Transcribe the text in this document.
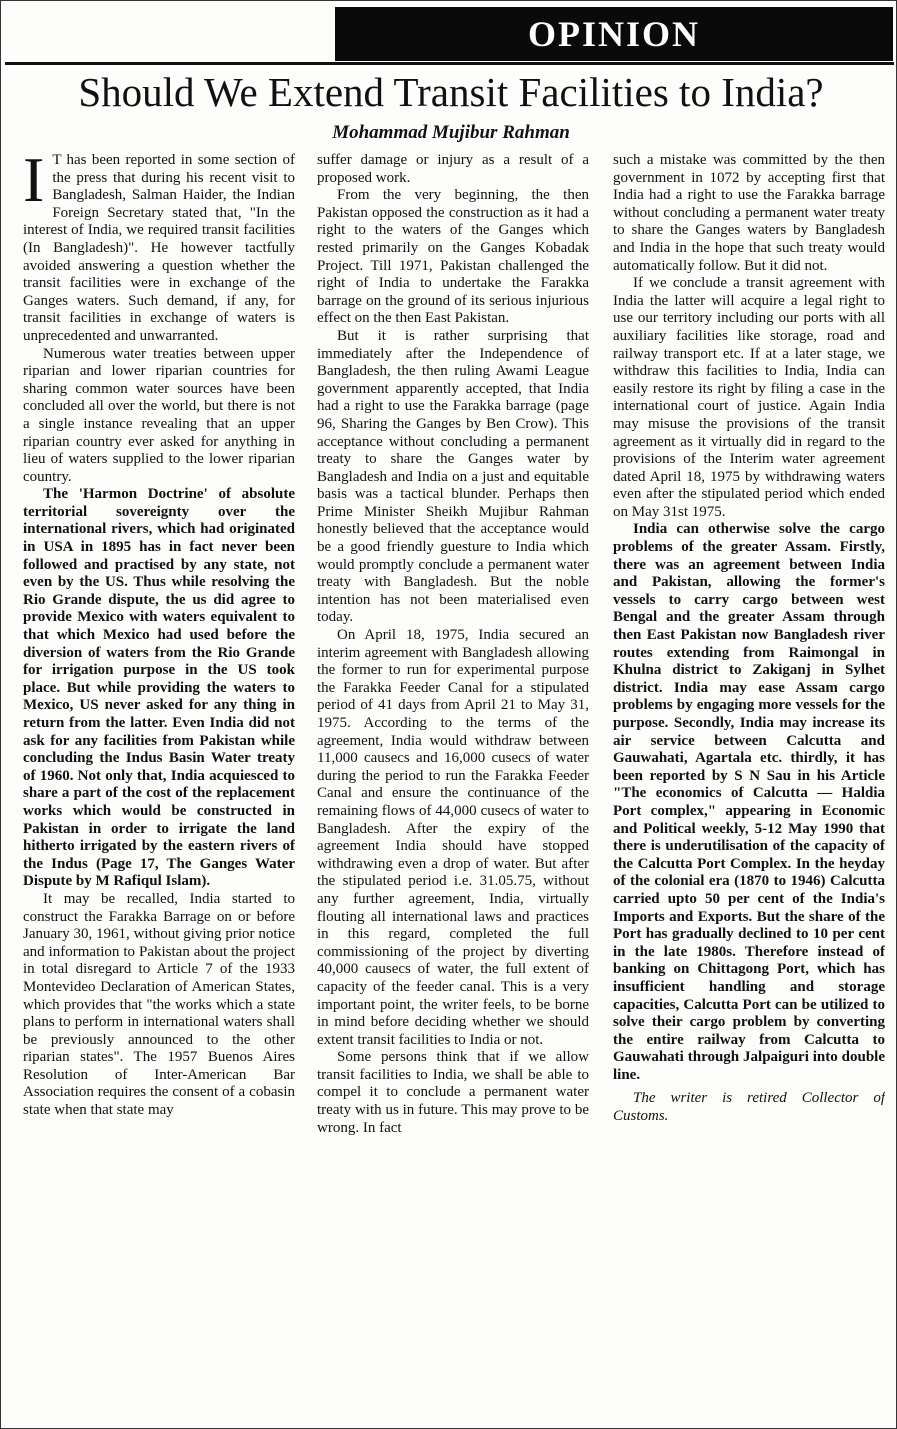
OPINION
Should We Extend Transit Facilities to India?
Mohammad Mujibur Rahman

I T has been reported in some section of the press that during his recent visit to Bangladesh, Salman Haider, the Indian Foreign Secretary stated that, "In the interest of India, we required transit facilities (In Bangladesh)". He however tactfully avoided answering a question whether the transit facilities were in exchange of the Ganges waters. Such demand, if any, for transit facilities in exchange of waters is unprecedented and unwarranted.

Numerous water treaties between upper riparian and lower riparian countries for sharing common water sources have been concluded all over the world, but there is not a single instance revealing that an upper riparian country ever asked for anything in lieu of waters supplied to the lower riparian country.

The 'Harmon Doctrine' of absolute territorial sovereignty over the international rivers, which had originated in USA in 1895 has in fact never been followed and practised by any state, not even by the US. Thus while resolving the Rio Grande dispute, the us did agree to provide Mexico with waters equivalent to that which Mexico had used before the diversion of waters from the Rio Grande for irrigation purpose in the US took place. But while providing the waters to Mexico, US never asked for any thing in return from the latter. Even India did not ask for any facilities from Pakistan while concluding the Indus Basin Water treaty of 1960. Not only that, India acquiesced to share a part of the cost of the replacement works which would be constructed in Pakistan in order to irrigate the land hitherto irrigated by the eastern rivers of the Indus (Page 17, The Ganges Water Dispute by M Rafiqul Islam).

It may be recalled, India started to construct the Farakka Barrage on or before January 30, 1961, without giving prior notice and information to Pakistan about the project in total disregard to Article 7 of the 1933 Montevideo Declaration of American States, which provides that "the works which a state plans to perform in international waters shall be previously announced to the other riparian states". The 1957 Buenos Aires Resolution of Inter-American Bar Association requires the consent of a cobasin state when that state may

suffer damage or injury as a result of a proposed work.

From the very beginning, the then Pakistan opposed the construction as it had a right to the waters of the Ganges which rested primarily on the Ganges Kobadak Project. Till 1971, Pakistan challenged the right of India to undertake the Farakka barrage on the ground of its serious injurious effect on the then East Pakistan.

But it is rather surprising that immediately after the Independence of Bangladesh, the then ruling Awami League government apparently accepted, that India had a right to use the Farakka barrage (page 96, Sharing the Ganges by Ben Crow). This acceptance without concluding a permanent treaty to share the Ganges water by Bangladesh and India on a just and equitable basis was a tactical blunder. Perhaps then Prime Minister Sheikh Mujibur Rahman honestly believed that the acceptance would be a good friendly guesture to India which would promptly conclude a permanent water treaty with Bangladesh. But the noble intention has not been materialised even today.

On April 18, 1975, India secured an interim agreement with Bangladesh allowing the former to run for experimental purpose the Farakka Feeder Canal for a stipulated period of 41 days from April 21 to May 31, 1975. According to the terms of the agreement, India would withdraw between 11,000 causecs and 16,000 cusecs of water during the period to run the Farakka Feeder Canal and ensure the continuance of the remaining flows of 44,000 cusecs of water to Bangladesh. After the expiry of the agreement India should have stopped withdrawing even a drop of water. But after the stipulated period i.e. 31.05.75, without any further agreement, India, virtually flouting all international laws and practices in this regard, completed the full commissioning of the project by diverting 40,000 causecs of water, the full extent of capacity of the feeder canal. This is a very important point, the writer feels, to be borne in mind before deciding whether we should extent transit facilities to India or not.

Some persons think that if we allow transit facilities to India, we shall be able to compel it to conclude a permanent water treaty with us in future. This may prove to be wrong. In fact

such a mistake was committed by the then government in 1072 by accepting first that India had a right to use the Farakka barrage without concluding a permanent water treaty to share the Ganges waters by Bangladesh and India in the hope that such treaty would automatically follow. But it did not.

If we conclude a transit agreement with India the latter will acquire a legal right to use our territory including our ports with all auxiliary facilities like storage, road and railway transport etc. If at a later stage, we withdraw this facilities to India, India can easily restore its right by filing a case in the international court of justice. Again India may misuse the provisions of the transit agreement as it virtually did in regard to the provisions of the Interim water agreement dated April 18, 1975 by withdrawing waters even after the stipulated period which ended on May 31st 1975.

India can otherwise solve the cargo problems of the greater Assam. Firstly, there was an agreement between India and Pakistan, allowing the former's vessels to carry cargo between west Bengal and the greater Assam through then East Pakistan now Bangladesh river routes extending from Raimongal in Khulna district to Zakiganj in Sylhet district. India may ease Assam cargo problems by engaging more vessels for the purpose. Secondly, India may increase its air service between Calcutta and Gauwahati, Agartala etc. thirdly, it has been reported by S N Sau in his Article "The economics of Calcutta — Haldia Port complex," appearing in Economic and Political weekly, 5-12 May 1990 that there is underutilisation of the capacity of the Calcutta Port Complex. In the heyday of the colonial era (1870 to 1946) Calcutta carried upto 50 per cent of the India's Imports and Exports. But the share of the Port has gradually declined to 10 per cent in the late 1980s. Therefore instead of banking on Chittagong Port, which has insufficient handling and storage capacities, Calcutta Port can be utilized to solve their cargo problem by converting the entire railway from Calcutta to Gauwahati through Jalpaiguri into double line.

The writer is retired Collector of Customs.
